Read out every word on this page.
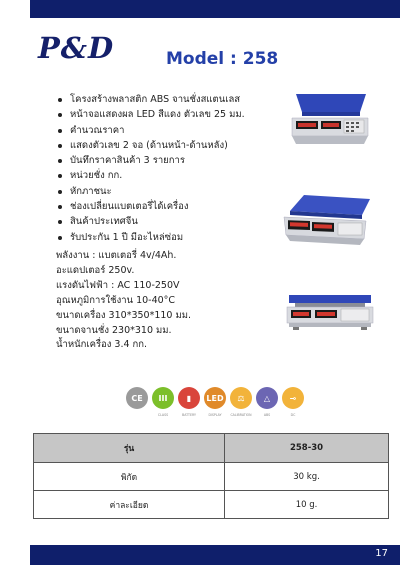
P&D	Model : 258
โครงสร้างพลาสติก ABS จานชั่งสแตนเลส
หน้าจอแสดงผล LED สีแดง ตัวเลข 25 มม.
คำนวณราคา
แสดงตัวเลข 2 จอ (ด้านหน้า-ด้านหลัง)
บันทึกราคาสินค้า 3 รายการ
หน่วยชั่ง กก.
หักภาชนะ
ช่องเปลี่ยนแบตเตอรี่ได้เครื่อง
สินค้าประเทศจีน
รับประกัน 1 ปี มีอะไหล่ซ่อม
พลังงาน : แบตเตอรี่ 4v/4Ah.
อะแดปเตอร์ 250v.
แรงดันไฟฟ้า : AC 110-250V
อุณหภูมิการใช้งาน 10-40°C
ขนาดเครื่อง 310*350*110 มม.
ขนาดจานชั่ง 230*310 มม.
น้ำหนักเครื่อง 3.4 กก.
CE III
CLASS
▮
BATTERY
LED
DISPLAY
⚖
CALIBRATION
△
ABS
⊸
DC
รุ่น	258-30
พิกัด	30 kg.
ค่าละเอียด	10 g.
17
